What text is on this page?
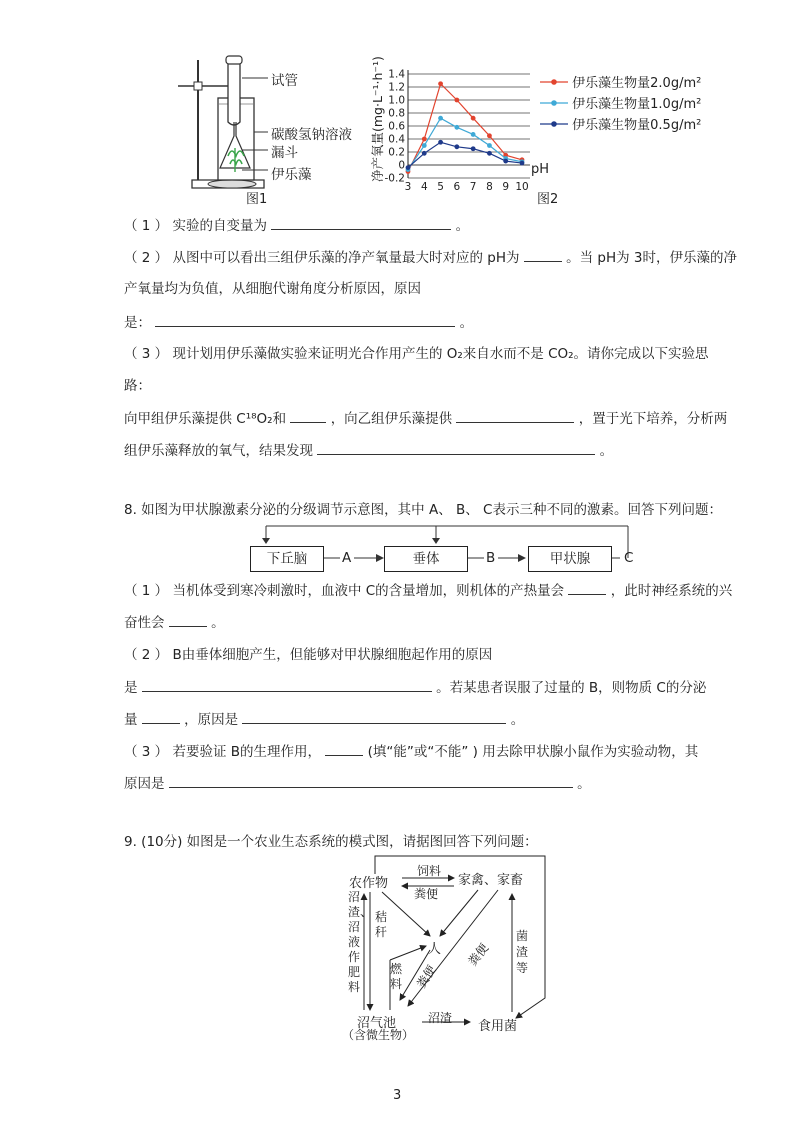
试管
碳酸氢钠溶液
漏斗
伊乐藻
图1
-0.2
0
0.2
0.4
0.6
0.8
1.0
1.2
1.4
3 4 5 6 7 8 9 10
净产氧量(mg·L⁻¹·h⁻¹)	pH
图2
伊乐藻生物量2.0g/m²
伊乐藻生物量1.0g/m²
伊乐藻生物量0.5g/m²
（ 1 ） 实验的自变量为	。
（ 2 ） 从图中可以看出三组伊乐藻的净产氧量最大时对应的 pH为	。当 pH为 3时，伊乐藻的净
产氧量均为负值，从细胞代谢角度分析原因，原因
是：	。
（ 3 ） 现计划用伊乐藻做实验来证明光合作用产生的 O₂来自水而不是 CO₂。请你完成以下实验思
路：
向甲组伊乐藻提供 C¹⁸O₂和	，向乙组伊乐藻提供	，置于光下培养，分析两
组伊乐藻释放的氧气，结果发现	。
8. 如图为甲状腺激素分泌的分级调节示意图，其中 A、 B、 C表示三种不同的激素。回答下列问题：
下丘脑	垂体	甲状腺
A	B	C
（ 1 ） 当机体受到寒冷刺激时，血液中 C的含量增加，则机体的产热量会	，此时神经系统的兴
奋性会	。
（ 2 ） B由垂体细胞产生，但能够对甲状腺细胞起作用的原因
是	。若某患者误服了过量的 B，则物质 C的分泌
量	，原因是	。
（ 3 ） 若要验证 B的生理作用，	(填“能”或“不能” ) 用去除甲状腺小鼠作为实验动物，其
原因是	。
9. (10分) 如图是一个农业生态系统的模式图，请据图回答下列问题：
农作物	家禽、家畜
人
沼气池
（含微生物）
食用菌
饲料
粪便
秸秆
燃料 粪便
粪便
沼渣
菌渣等
沼渣、沼液作肥料
3
